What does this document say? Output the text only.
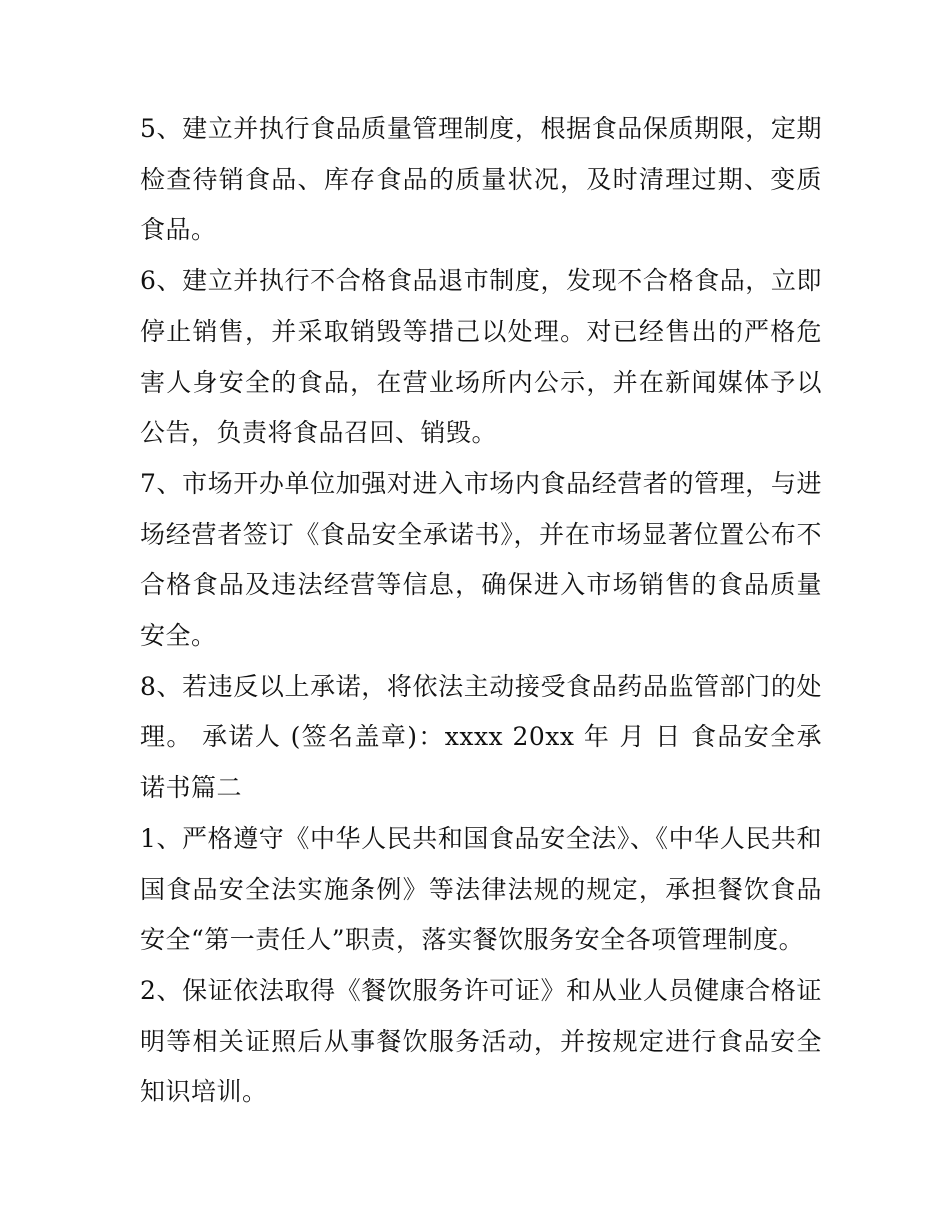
5、建立并执行食品质量管理制度，根据食品保质期限，定期检查待销食品、库存食品的质量状况，及时清理过期、变质食品。

6、建立并执行不合格食品退市制度，发现不合格食品，立即停止销售，并采取销毁等措己以处理。对已经售出的严格危害人身安全的食品，在营业场所内公示，并在新闻媒体予以公告，负责将食品召回、销毁。

7、市场开办单位加强对进入市场内食品经营者的管理，与进场经营者签订《食品安全承诺书》，并在市场显著位置公布不合格食品及违法经营等信息，确保进入市场销售的食品质量安全。

8、若违反以上承诺，将依法主动接受食品药品监管部门的处理。 承诺人 (签名盖章)：xxxx 20xx 年 月 日 食品安全承诺书篇二

1、严格遵守《中华人民共和国食品安全法》、《中华人民共和国食品安全法实施条例》等法律法规的规定，承担餐饮食品安全“第一责任人”职责，落实餐饮服务安全各项管理制度。

2、保证依法取得《餐饮服务许可证》和从业人员健康合格证明等相关证照后从事餐饮服务活动，并按规定进行食品安全知识培训。
